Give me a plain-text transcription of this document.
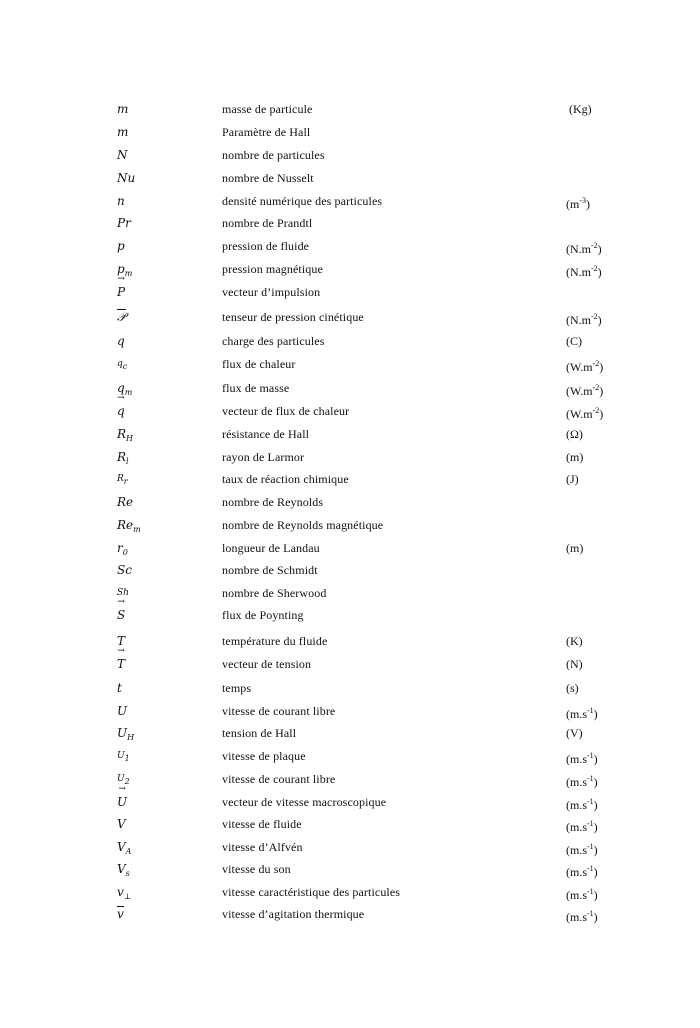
m	masse de particule	(Kg)
m	Paramètre de Hall
N	nombre de particules
Nu	nombre de Nusselt
n	densité numérique des particules	$(m^{-3})$
Pr	nombre de Prandtl
p	pression de fluide	$(N.m^{-2})$
$p_m$	pression magnétique	$(N.m^{-2})$
P →	vecteur d’impulsion
𝒫	tenseur de pression cinétique	$(N.m^{-2})$
q	charge des particules	(C)
qc	flux de chaleur	$(W.m^{-2})$
$q_m$	flux de masse	$(W.m^{-2})$
q →	vecteur de flux de chaleur	$(W.m^{-2})$
$R_H$	résistance de Hall	(Ω)
$R_l$	rayon de Larmor	(m)
Rr	taux de réaction chimique	(J)
Re	nombre de Reynolds
$Re_m$	nombre de Reynolds magnétique
$r_0$	longueur de Landau	(m)
Sc	nombre de Schmidt
Sh	nombre de Sherwood
S →	flux de Poynting
T	température du fluide	(K)
T →	vecteur de tension	(N)
t	temps	(s)
U	vitesse de courant libre	$(m.s^{-1})$
$U_H$	tension de Hall	(V)
U1	vitesse de plaque	$(m.s^{-1})$
U2	vitesse de courant libre	$(m.s^{-1})$
U →	vecteur de vitesse macroscopique	$(m.s^{-1})$
V	vitesse de fluide	$(m.s^{-1})$
$V_A$	vitesse d’Alfvén	$(m.s^{-1})$
$V_s$	vitesse du son	$(m.s^{-1})$
$v_\perp$	vitesse caractéristique des particules	$(m.s^{-1})$
v	vitesse d’agitation thermique	$(m.s^{-1})$
